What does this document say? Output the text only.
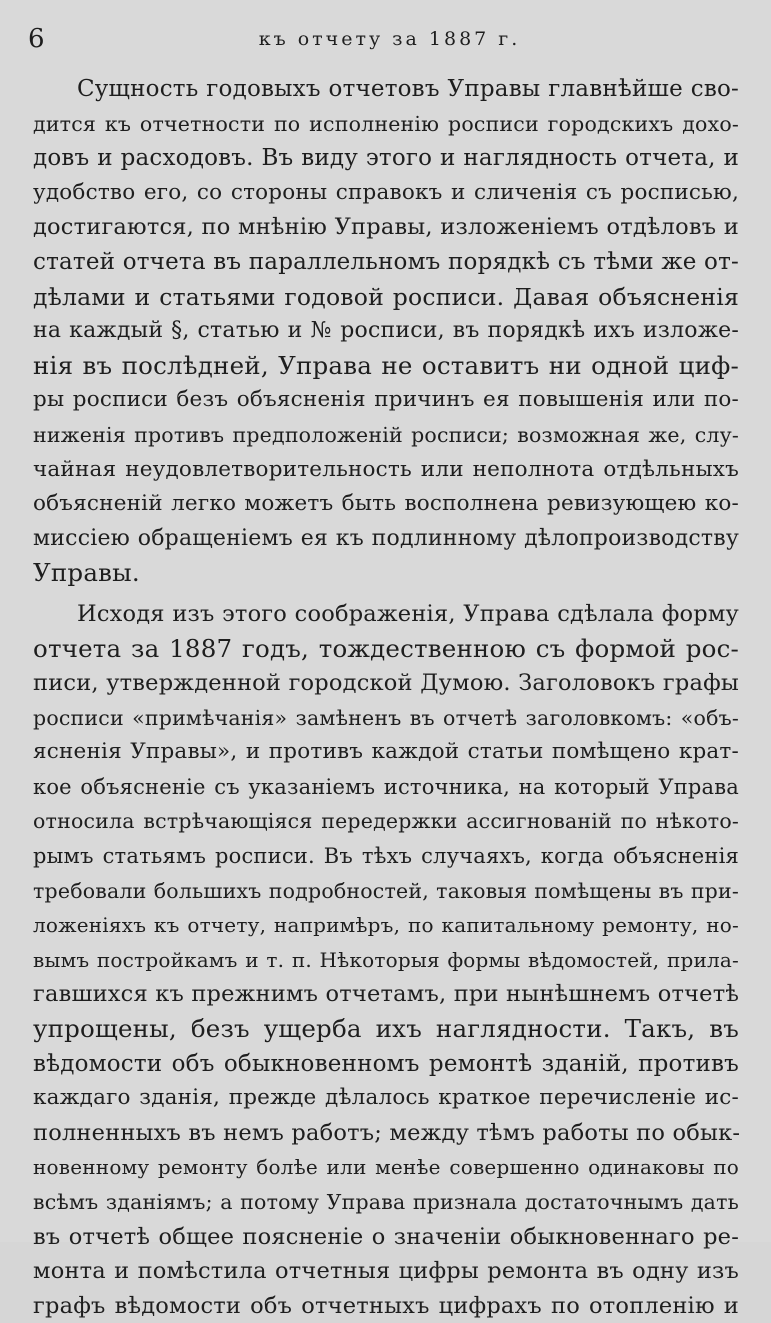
6	къ отчету за 1887 г.
Сущность годовыхъ отчетовъ Управы главнѣйше сво-
дится къ отчетности по исполненію росписи городскихъ дохо-
довъ и расходовъ. Въ виду этого и наглядность отчета, и
удобство его, со стороны справокъ и сличенія съ росписью,
достигаются, по мнѣнію Управы, изложеніемъ отдѣловъ и
статей отчета въ параллельномъ порядкѣ съ тѣми же от-
дѣлами и статьями годовой росписи. Давая объясненія
на каждый §, статью и № росписи, въ порядкѣ ихъ изложе-
нія въ послѣдней, Управа не оставитъ ни одной циф-
ры росписи безъ объясненія причинъ ея повышенія или по-
ниженія противъ предположеній росписи; возможная же, слу-
чайная неудовлетворительность или неполнота отдѣльныхъ
объясненій легко можетъ быть восполнена ревизующею ко-
миссіею обращеніемъ ея къ подлинному дѣлопроизводству
Управы.
Исходя изъ этого соображенія, Управа сдѣлала форму
отчета за 1887 годъ, тождественною съ формой рос-
писи, утвержденной городской Думою. Заголовокъ графы
росписи «примѣчанія» замѣненъ въ отчетѣ заголовкомъ: «объ-
ясненія Управы», и противъ каждой статьи помѣщено крат-
кое объясненіе съ указаніемъ источника, на который Управа
относила встрѣчающіяся передержки ассигнованій по нѣкото-
рымъ статьямъ росписи. Въ тѣхъ случаяхъ, когда объясненія
требовали большихъ подробностей, таковыя помѣщены въ при-
ложеніяхъ къ отчету, напримѣръ, по капитальному ремонту, но-
вымъ постройкамъ и т. п. Нѣкоторыя формы вѣдомостей, прила-
гавшихся къ прежнимъ отчетамъ, при нынѣшнемъ отчетѣ
упрощены, безъ ущерба ихъ наглядности. Такъ, въ
вѣдомости объ обыкновенномъ ремонтѣ зданій, противъ
каждаго зданія, прежде дѣлалось краткое перечисленіе ис-
полненныхъ въ немъ работъ; между тѣмъ работы по обык-
новенному ремонту болѣе или менѣе совершенно одинаковы по
всѣмъ зданіямъ; а потому Управа признала достаточнымъ дать
въ отчетѣ общее поясненіе о значеніи обыкновеннаго ре-
монта и помѣстила отчетныя цифры ремонта въ одну изъ
графъ вѣдомости объ отчетныхъ цифрахъ по отопленію и
